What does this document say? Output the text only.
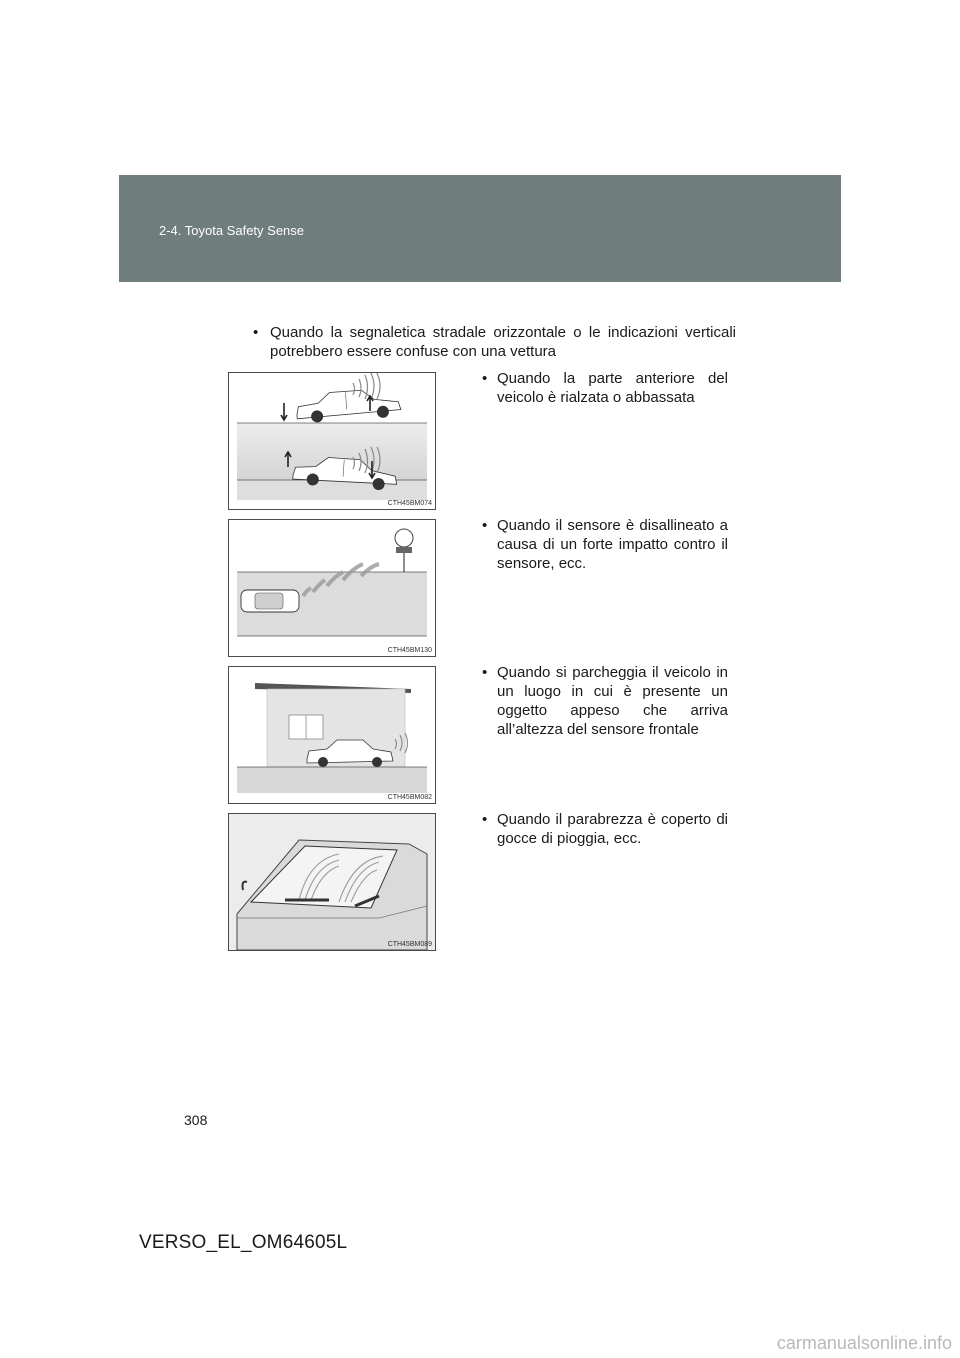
2-4. Toyota Safety Sense
• Quando la segnaletica stradale orizzontale o le indicazioni verticali potrebbero essere confuse con una vettura
CTH45BM074
• Quando la parte anteriore del veicolo è rialzata o abbassata
CTH45BM130
• Quando il sensore è disallineato a causa di un forte impatto contro il sensore, ecc.
CTH45BM082
• Quando si parcheggia il veicolo in un luogo in cui è presente un oggetto appeso che arriva all’altezza del sensore frontale
CTH45BM089
• Quando il parabrezza è coperto di gocce di pioggia, ecc.
308
VERSO_EL_OM64605L
carmanualsonline.info
